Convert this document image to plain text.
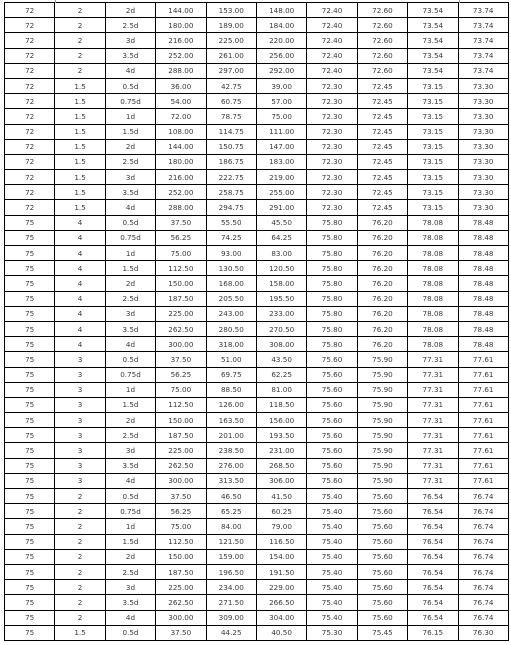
72	2	2d	144.00	153.00	148.00	72.40	72.60	73.54	73.74
72	2	2.5d	180.00	189.00	184.00	72.40	72.60	73.54	73.74
72	2	3d	216.00	225.00	220.00	72.40	72.60	73.54	73.74
72	2	3.5d	252.00	261.00	256.00	72.40	72.60	73.54	73.74
72	2	4d	288.00	297.00	292.00	72.40	72.60	73.54	73.74
72	1.5	0.5d	36.00	42.75	39.00	72.30	72.45	73.15	73.30
72	1.5	0.75d	54.00	60.75	57.00	72.30	72.45	73.15	73.30
72	1.5	1d	72.00	78.75	75.00	72.30	72.45	73.15	73.30
72	1.5	1.5d	108.00	114.75	111.00	72.30	72.45	73.15	73.30
72	1.5	2d	144.00	150.75	147.00	72.30	72.45	73.15	73.30
72	1.5	2.5d	180.00	186.75	183.00	72.30	72.45	73.15	73.30
72	1.5	3d	216.00	222.75	219.00	72.30	72.45	73.15	73.30
72	1.5	3.5d	252.00	258.75	255.00	72.30	72.45	73.15	73.30
72	1.5	4d	288.00	294.75	291.00	72.30	72.45	73.15	73.30
75	4	0.5d	37.50	55.50	45.50	75.80	76.20	78.08	78.48
75	4	0.75d	56.25	74.25	64.25	75.80	76.20	78.08	78.48
75	4	1d	75.00	93.00	83.00	75.80	76.20	78.08	78.48
75	4	1.5d	112.50	130.50	120.50	75.80	76.20	78.08	78.48
75	4	2d	150.00	168.00	158.00	75.80	76.20	78.08	78.48
75	4	2.5d	187.50	205.50	195.50	75.80	76.20	78.08	78.48
75	4	3d	225.00	243.00	233.00	75.80	76.20	78.08	78.48
75	4	3.5d	262.50	280.50	270.50	75.80	76.20	78.08	78.48
75	4	4d	300.00	318.00	308.00	75.80	76.20	78.08	78.48
75	3	0.5d	37.50	51.00	43.50	75.60	75.90	77.31	77.61
75	3	0.75d	56.25	69.75	62.25	75.60	75.90	77.31	77.61
75	3	1d	75.00	88.50	81.00	75.60	75.90	77.31	77.61
75	3	1.5d	112.50	126.00	118.50	75.60	75.90	77.31	77.61
75	3	2d	150.00	163.50	156.00	75.60	75.90	77.31	77.61
75	3	2.5d	187.50	201.00	193.50	75.60	75.90	77.31	77.61
75	3	3d	225.00	238.50	231.00	75.60	75.90	77.31	77.61
75	3	3.5d	262.50	276.00	268.50	75.60	75.90	77.31	77.61
75	3	4d	300.00	313.50	306.00	75.60	75.90	77.31	77.61
75	2	0.5d	37.50	46.50	41.50	75.40	75.60	76.54	76.74
75	2	0.75d	56.25	65.25	60.25	75.40	75.60	76.54	76.74
75	2	1d	75.00	84.00	79.00	75.40	75.60	76.54	76.74
75	2	1.5d	112.50	121.50	116.50	75.40	75.60	76.54	76.74
75	2	2d	150.00	159.00	154.00	75.40	75.60	76.54	76.74
75	2	2.5d	187.50	196.50	191.50	75.40	75.60	76.54	76.74
75	2	3d	225.00	234.00	229.00	75.40	75.60	76.54	76.74
75	2	3.5d	262.50	271.50	266.50	75.40	75.60	76.54	76.74
75	2	4d	300.00	309.00	304.00	75.40	75.60	76.54	76.74
75	1.5	0.5d	37.50	44.25	40.50	75.30	75.45	76.15	76.30
